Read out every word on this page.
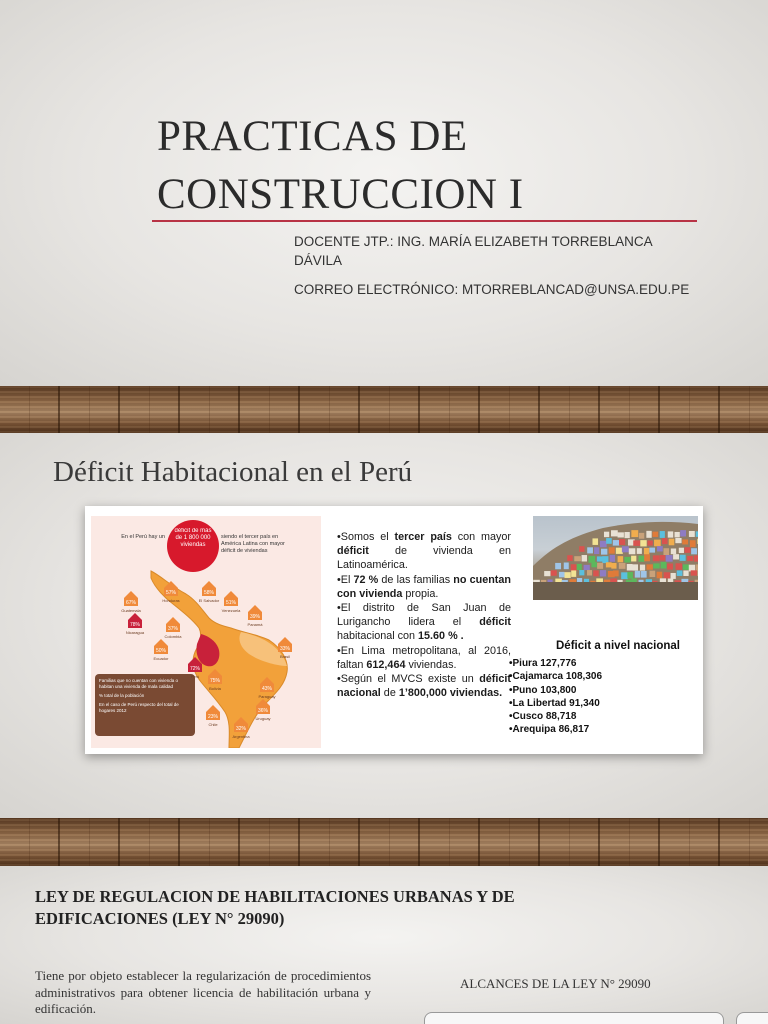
PRACTICAS DE
CONSTRUCCION I
DOCENTE JTP.: ING. MARÍA ELIZABETH TORREBLANCA DÁVILA
CORREO ELECTRÓNICO: MTORREBLANCAD@UNSA.EDU.PE
Déficit Habitacional en el Perú
déficit de más de 1 800 000 viviendas
En el Perú hay un	siendo el tercer país en América Latina con mayor déficit de viviendas
Familias que no cuentan con vivienda o habitan una vivienda de mala calidad
% total de la población
En el caso de Perú respecto del total de hogares 2012
67%
Guatemala
57%
Honduras
58%
El Salvador
78%
Nicaragua
51%
Venezuela
39%
Panamá
37%
Colombia
50%
Ecuador
72%
Perú
75%
Bolivia
33%
Brasil
43%
Paraguay
23%
Chile
32%
Argentina
36%
Uruguay

•Somos el tercer país con mayor déficit de vivienda en Latinoamérica.

•El 72 % de las familias no cuentan con vivienda propia.

•El distrito de San Juan de Lurigancho lidera el déficit habitacional con 15.60 % .

•En Lima metropolitana, al 2016, faltan 612,464 viviendas.

•Según el MVCS existe un déficit nacional de 1’800,000 viviendas.

Déficit a nivel nacional
•Piura 127,776
•Cajamarca 108,306
•Puno 103,800
•La Libertad 91,340
•Cusco 88,718
•Arequipa 86,817
LEY DE REGULACION DE HABILITACIONES URBANAS Y DE EDIFICACIONES (LEY N° 29090)
Tiene por objeto establecer la regularización de procedimientos administrativos para obtener licencia de habilitación urbana y edificación.
ALCANCES DE LA LEY N° 29090
